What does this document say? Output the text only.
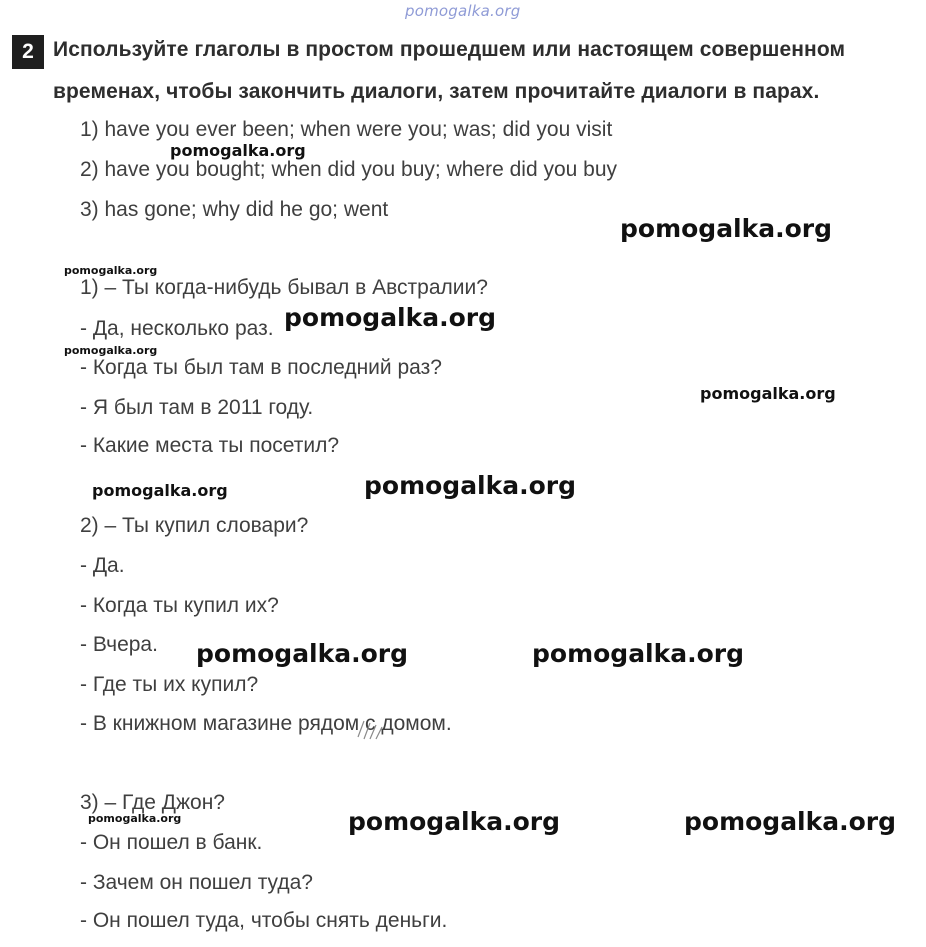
pomogalka.org
2 Используйте глаголы в простом прошедшем или настоящем совершенном
временах, чтобы закончить диалоги, затем прочитайте диалоги в парах.
1) have you ever been; when were you; was; did you visit
2) have you bought; when did you buy; where did you buy
3) has gone; why did he go; went
1) – Ты когда-нибудь бывал в Австралии?
- Да, несколько раз.
- Когда ты был там в последний раз?
- Я был там в 2011 году.
- Какие места ты посетил?
2) – Ты купил словари?
- Да.
- Когда ты купил их?
- Вчера.
- Где ты их купил?
- В книжном магазине рядом с домом.
3) – Где Джон?
- Он пошел в банк.
- Зачем он пошел туда?
- Он пошел туда, чтобы снять деньги.
pomogalka.org
pomogalka.org
pomogalka.org
pomogalka.org
pomogalka.org
pomogalka.org
pomogalka.org	pomogalka.org
pomogalka.org	pomogalka.org
pomogalka.org	pomogalka.org	pomogalka.org
